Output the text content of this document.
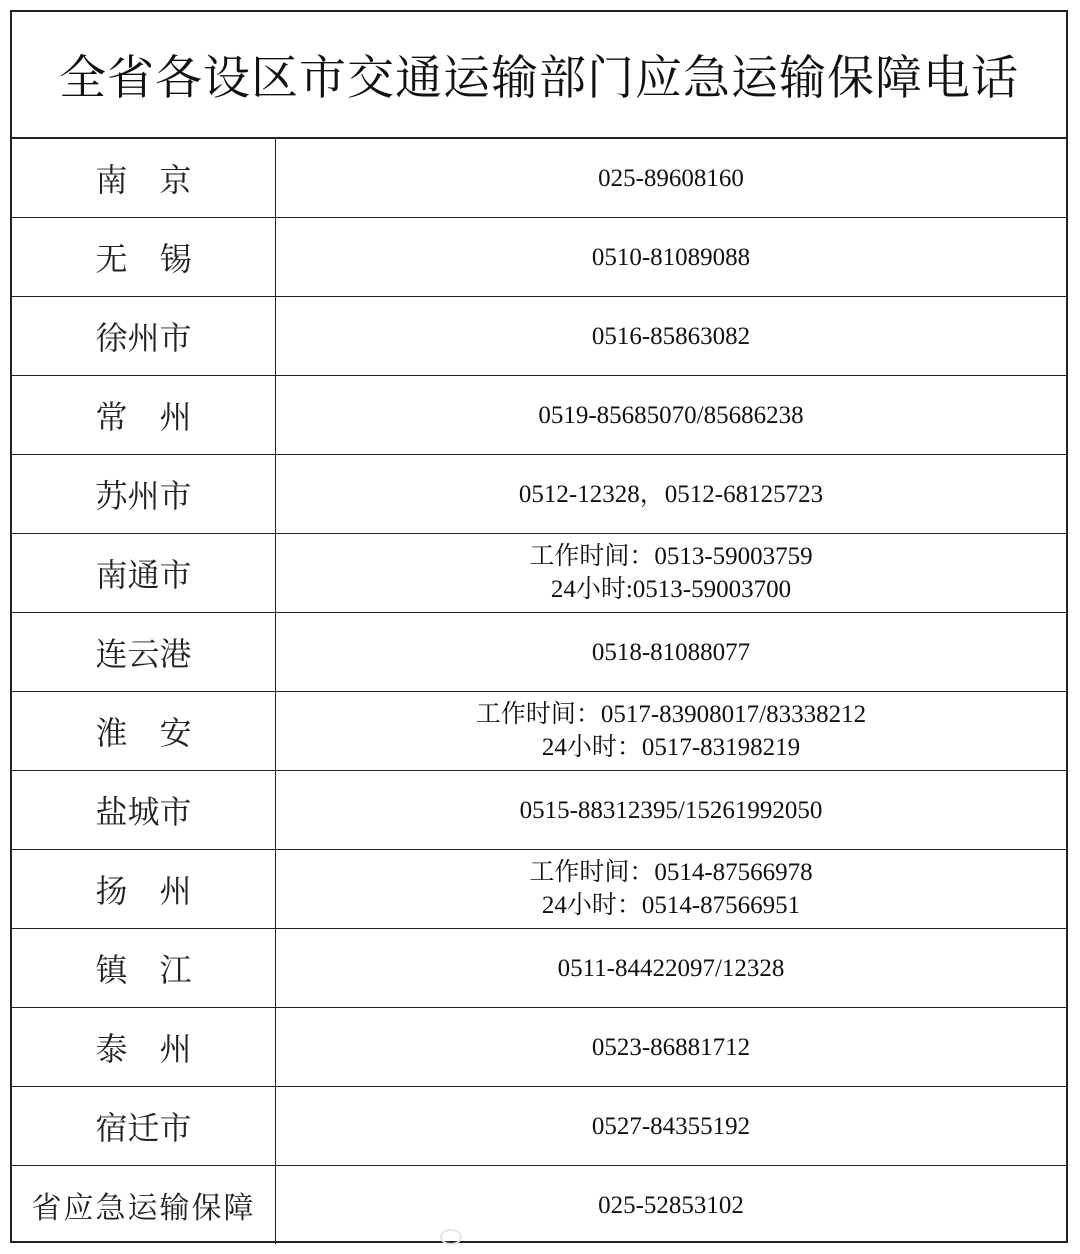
全省各设区市交通运输部门应急运输保障电话
南　京	025-89608160
无　锡	0510-81089088
徐州市	0516-85863082
常　州	0519-85685070/85686238
苏州市	0512-12328，0512-68125723
南通市	工作时间：0513-59003759
24小时:0513-59003700
连云港	0518-81088077
淮　安	工作时间：0517-83908017/83338212
24小时：0517-83198219
盐城市	0515-88312395/15261992050
扬　州	工作时间：0514-87566978
24小时：0514-87566951
镇　江	0511-84422097/12328
泰　州	0523-86881712
宿迁市	0527-84355192
省应急运输保障	025-52853102
